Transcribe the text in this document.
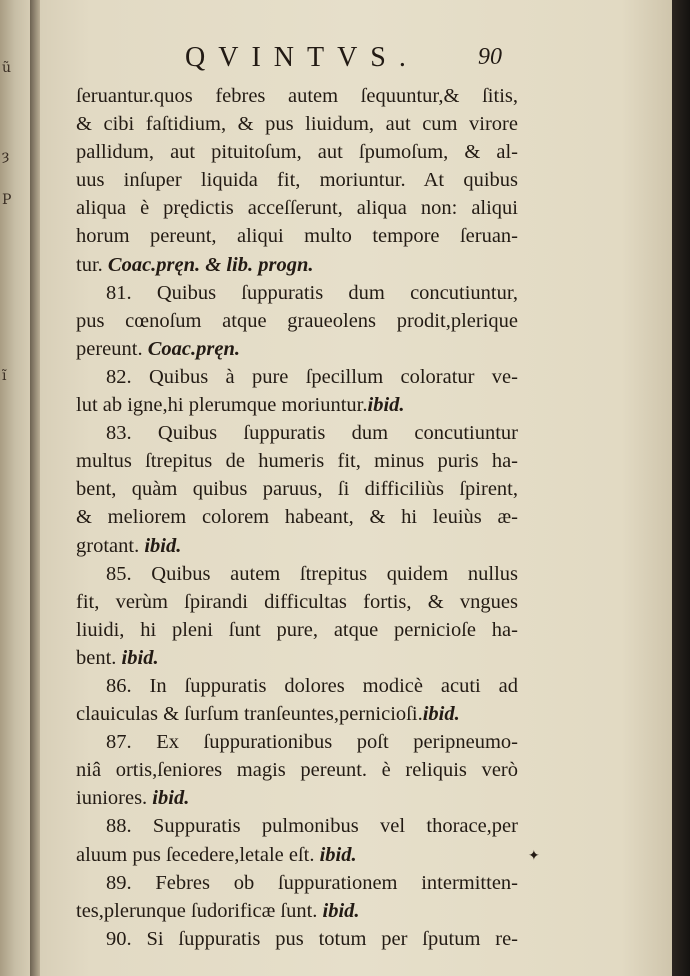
ũ
ȝ
P
ĩ
QVINTVS. 90
ſeruantur.quos febres autem ſequuntur,& ſitis,
& cibi faſtidium, & pus liuidum, aut cum virore
pallidum, aut pituitoſum, aut ſpumoſum, & al-
uus inſuper liquida fit, moriuntur. At quibus
aliqua è prędictis acceſſerunt, aliqua non: aliqui
horum pereunt, aliqui multo tempore ſeruan-
tur. Coac.pręn. & lib. progn.
81. Quibus ſuppuratis dum concutiuntur,
pus cœnoſum atque graueolens prodit,plerique
pereunt. Coac.pręn.
82. Quibus à pure ſpecillum coloratur ve-
lut ab igne,hi plerumque moriuntur.ibid.
83. Quibus ſuppuratis dum concutiuntur
multus ſtrepitus de humeris fit, minus puris ha-
bent, quàm quibus paruus, ſi difficiliùs ſpirent,
& meliorem colorem habeant, & hi leuiùs æ-
grotant. ibid.
85. Quibus autem ſtrepitus quidem nullus
fit, verùm ſpirandi difficultas fortis, & vngues
liuidi, hi pleni ſunt pure, atque pernicioſe ha-
bent. ibid.
86. In ſuppuratis dolores modicè acuti ad
clauiculas & ſurſum tranſeuntes,pernicioſi.ibid.
87. Ex ſuppurationibus poſt peripneumo-
niâ ortis,ſeniores magis pereunt. è reliquis verò
iuniores. ibid.
88. Suppuratis pulmonibus vel thorace,per
aluum pus ſecedere,letale eſt. ibid.
89. Febres ob ſuppurationem intermitten-
tes,plerunque ſudorificæ ſunt. ibid.
90. Si ſuppuratis pus totum per ſputum re-
✦
